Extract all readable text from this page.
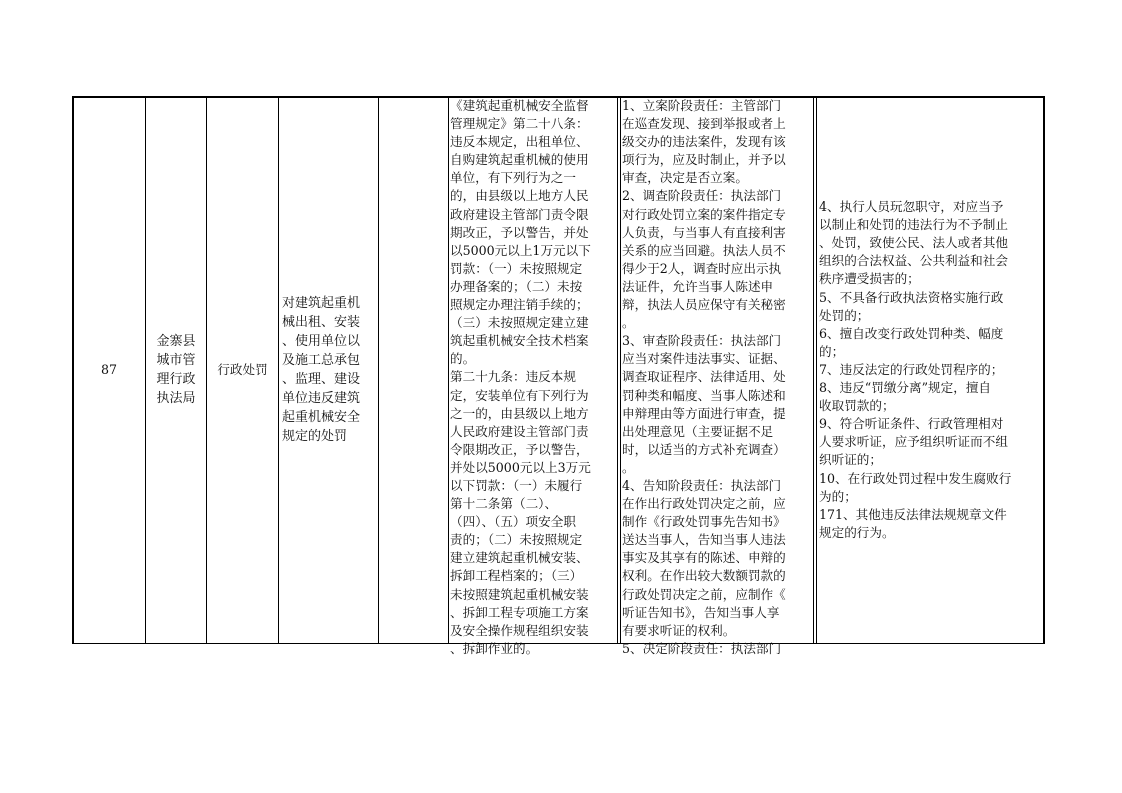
87
金寨县
城市管
理行政
执法局
行政处罚
对建筑起重机
械出租、安装
、使用单位以
及施工总承包
、监理、建设
单位违反建筑
起重机械安全
规定的处罚
《建筑起重机械安全监督
管理规定》第二十八条：
违反本规定，出租单位、
自购建筑起重机械的使用
单位，有下列行为之一
的，由县级以上地方人民
政府建设主管部门责令限
期改正，予以警告，并处
以5000元以上1万元以下
罚款：（一）未按照规定
办理备案的；（二）未按
照规定办理注销手续的；
（三）未按照规定建立建
筑起重机械安全技术档案
的。
第二十九条：违反本规
定，安装单位有下列行为
之一的，由县级以上地方
人民政府建设主管部门责
令限期改正，予以警告，
并处以5000元以上3万元
以下罚款：（一）未履行
第十二条第（二）、
（四）、（五）项安全职
责的；（二）未按照规定
建立建筑起重机械安装、
拆卸工程档案的；（三）
未按照建筑起重机械安装
、拆卸工程专项施工方案
及安全操作规程组织安装
、拆卸作业的。
1、立案阶段责任：主管部门
在巡查发现、接到举报或者上
级交办的违法案件，发现有该
项行为，应及时制止，并予以
审查，决定是否立案。
2、调查阶段责任：执法部门
对行政处罚立案的案件指定专
人负责，与当事人有直接利害
关系的应当回避。执法人员不
得少于2人，调查时应出示执
法证件，允许当事人陈述申
辩，执法人员应保守有关秘密
。
3、审查阶段责任：执法部门
应当对案件违法事实、证据、
调查取证程序、法律适用、处
罚种类和幅度、当事人陈述和
申辩理由等方面进行审查，提
出处理意见（主要证据不足
时，以适当的方式补充调查）
。
4、告知阶段责任：执法部门
在作出行政处罚决定之前，应
制作《行政处罚事先告知书》
送达当事人，告知当事人违法
事实及其享有的陈述、申辩的
权利。在作出较大数额罚款的
行政处罚决定之前，应制作《
听证告知书》，告知当事人享
有要求听证的权利。
5、决定阶段责任：执法部门
4、执行人员玩忽职守，对应当予
以制止和处罚的违法行为不予制止
、处罚，致使公民、法人或者其他
组织的合法权益、公共利益和社会
秩序遭受损害的；
5、不具备行政执法资格实施行政
处罚的；
6、擅自改变行政处罚种类、幅度
的；
7、违反法定的行政处罚程序的；
8、违反“罚缴分离”规定，擅自
收取罚款的；
9、符合听证条件、行政管理相对
人要求听证，应予组织听证而不组
织听证的；
10、在行政处罚过程中发生腐败行
为的；
171、其他违反法律法规规章文件
规定的行为。
